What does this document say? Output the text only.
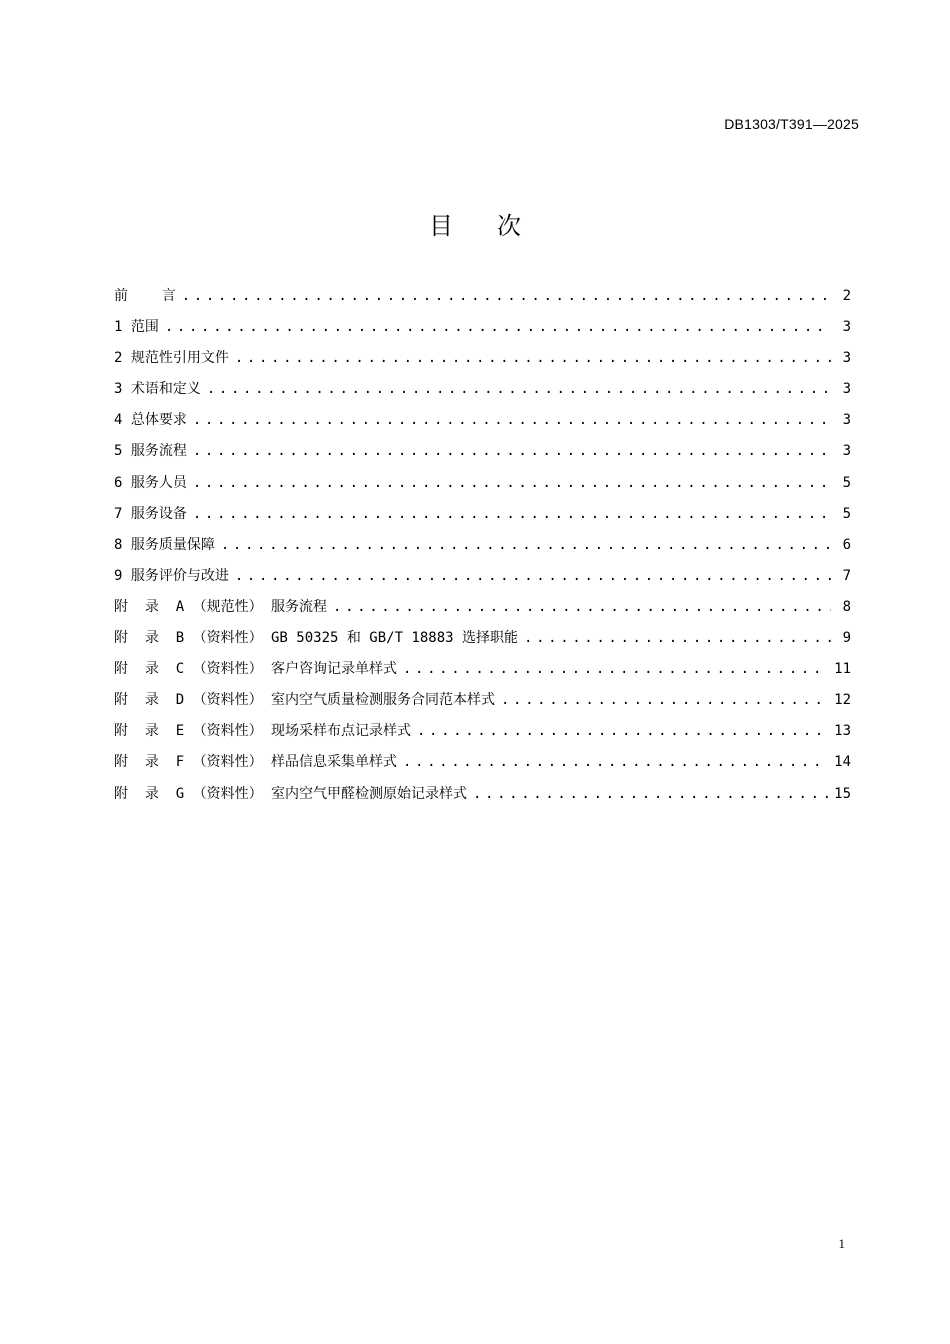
DB1303/T391—2025
目 次
前    言 . . .	2
1 范围 . . .	3
2 规范性引用文件 . . .	3
3 术语和定义 . . .	3
4 总体要求 . . .	3
5 服务流程 . . .	3
6 服务人员 . . .	5
7 服务设备 . . .	5
8 服务质量保障 . . .	6
9 服务评价与改进 . . .	7
附  录  A （规范性） 服务流程 . . .	8
附  录  B （资料性） GB 50325 和 GB/T 18883 选择职能 . . .	9
附  录  C （资料性） 客户咨询记录单样式 . . .	11
附  录  D （资料性） 室内空气质量检测服务合同范本样式 . . .	12
附  录  E （资料性） 现场采样布点记录样式 . . .	13
附  录  F （资料性） 样品信息采集单样式 . . .	14
附  录  G （资料性） 室内空气甲醛检测原始记录样式 . . .	15
1
